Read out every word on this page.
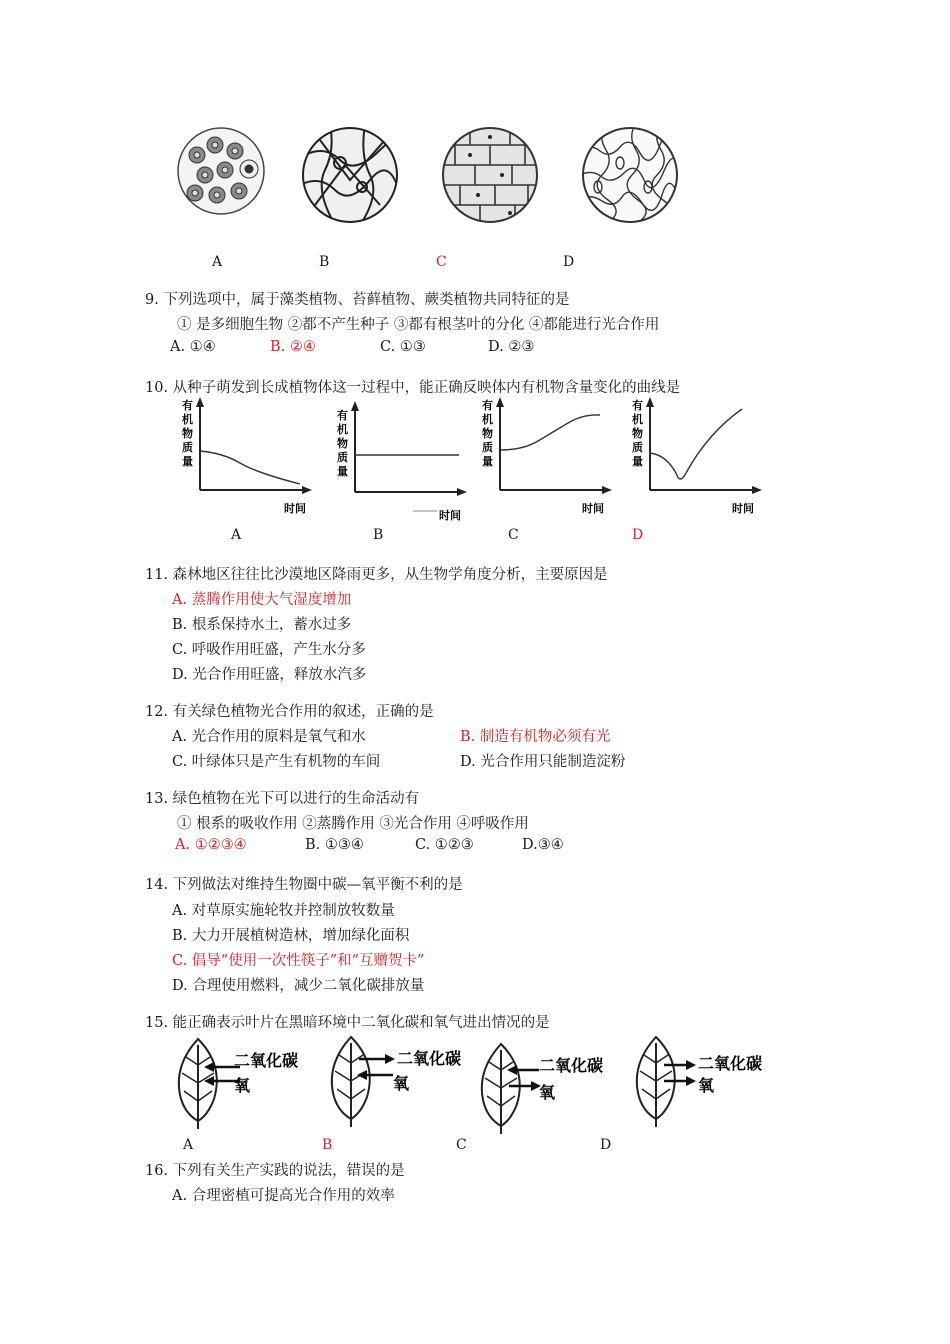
A	B	C	D
9. 下列选项中，属于藻类植物、苔藓植物、蕨类植物共同特征的是
① 是多细胞生物 ②都不产生种子 ③都有根茎叶的分化 ④都能进行光合作用
A. ①④	B. ②④	C. ①③	D. ②③
10. 从种子萌发到长成植物体这一过程中，能正确反映体内有机物含量变化的曲线是
有
机
物
质
量
时间
有
机
物
质
量
时间
有
机
物
质
量
时间
有
机
物
质
量
时间
A	B	C	D
11. 森林地区往往比沙漠地区降雨更多，从生物学角度分析，主要原因是
A. 蒸腾作用使大气湿度增加
B. 根系保持水土，蓄水过多
C. 呼吸作用旺盛，产生水分多
D. 光合作用旺盛，释放水汽多
12. 有关绿色植物光合作用的叙述，正确的是
A. 光合作用的原料是氧气和水	B. 制造有机物必须有光
C. 叶绿体只是产生有机物的车间	D. 光合作用只能制造淀粉
13. 绿色植物在光下可以进行的生命活动有
① 根系的吸收作用 ②蒸腾作用 ③光合作用 ④呼吸作用
A. ①②③④	B. ①③④	C. ①②③	D.③④
14. 下列做法对维持生物圈中碳—氧平衡不利的是
A. 对草原实施轮牧并控制放牧数量
B. 大力开展植树造林，增加绿化面积
C. 倡导“使用一次性筷子”和“互赠贺卡”
D. 合理使用燃料，减少二氧化碳排放量
15. 能正确表示叶片在黑暗环境中二氧化碳和氧气进出情况的是
二氧化碳
氧
二氧化碳
氧
二氧化碳
氧
二氧化碳
氧
A	B	C	D
16. 下列有关生产实践的说法，错误的是
A. 合理密植可提高光合作用的效率
